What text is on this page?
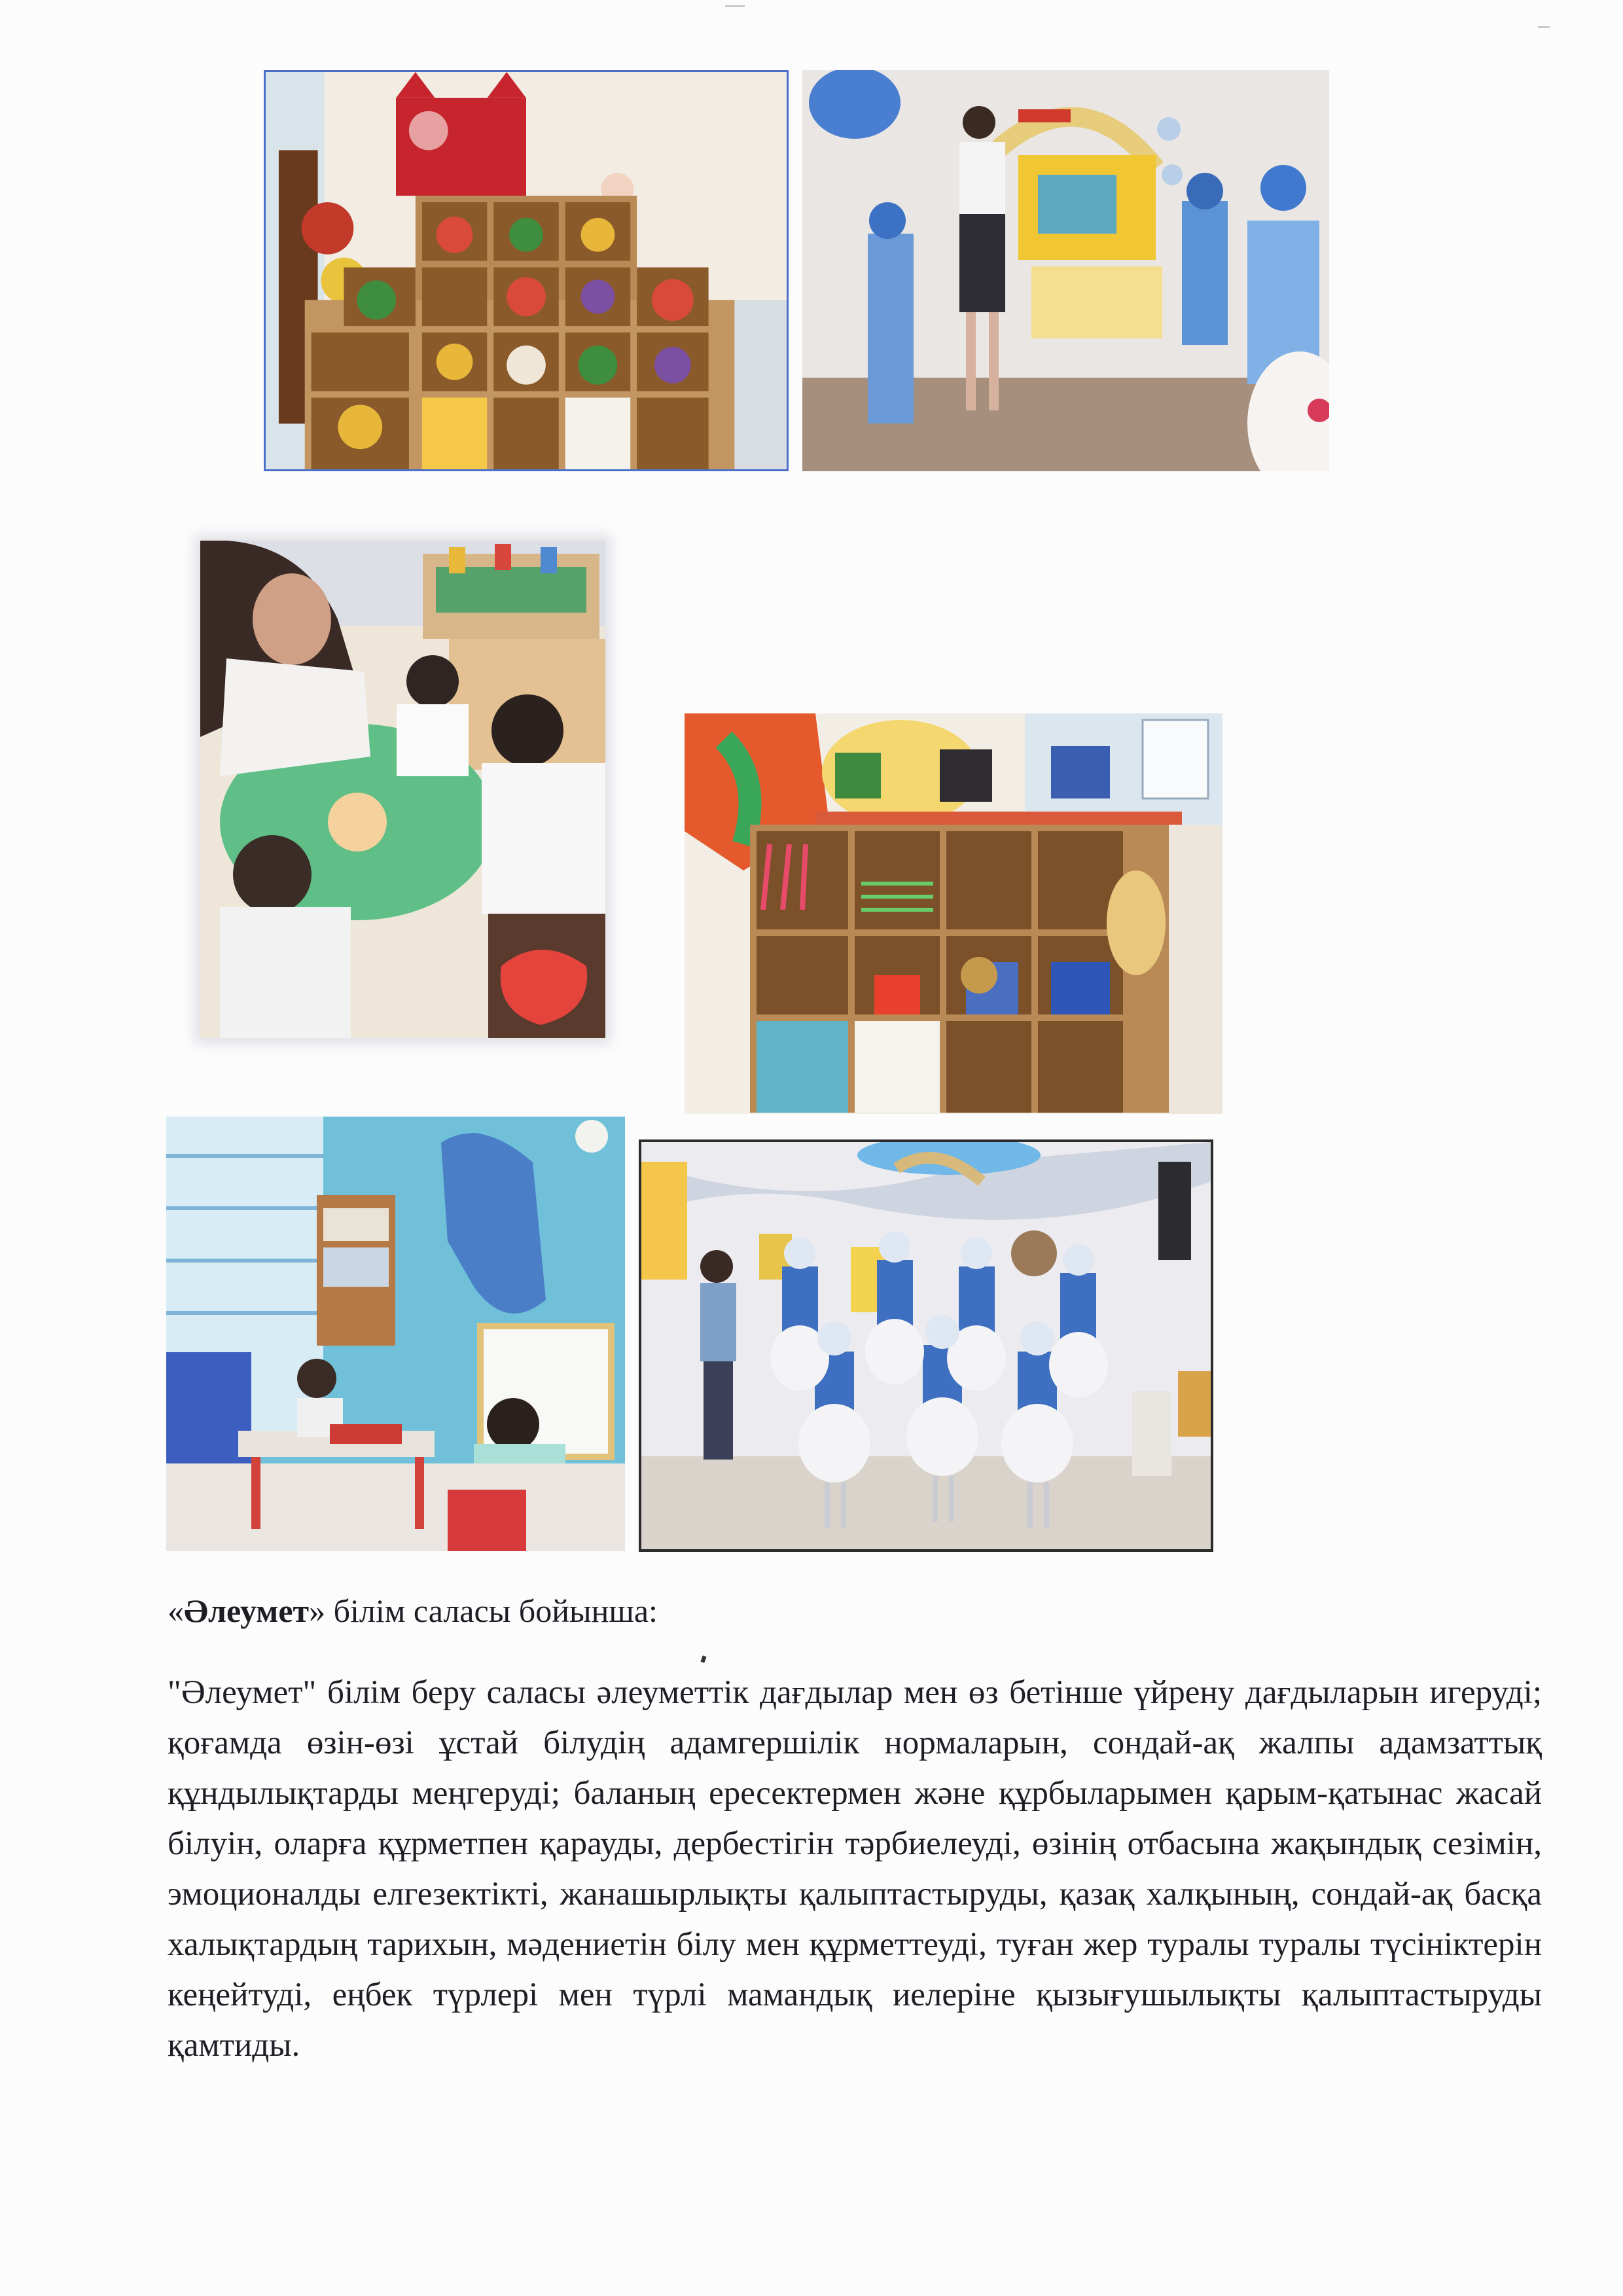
«Әлеумет» білім саласы бойынша:
"Әлеумет" білім беру саласы әлеуметтік дағдылар мен өз бетінше үйрену дағдыларын игеруді; қоғамда өзін-өзі ұстай білудің адамгершілік нормаларын, сондай-ақ жалпы адамзаттық құндылықтарды меңгеруді; баланың ересектермен және құрбыларымен қарым-қатынас жасай білуін, оларға құрметпен қарауды, дербестігін тәрбиелеуді, өзінің отбасына жақындық сезімін, эмоционалды елгезектікті, жанашырлықты қалыптастыруды, қазақ халқының, сондай-ақ басқа халықтардың тарихын, мәдениетін білу мен құрметтеуді, туған жер туралы туралы түсініктерін кеңейтуді, еңбек түрлері мен түрлі мамандық иелеріне қызығушылықты қалыптастыруды қамтиды.
